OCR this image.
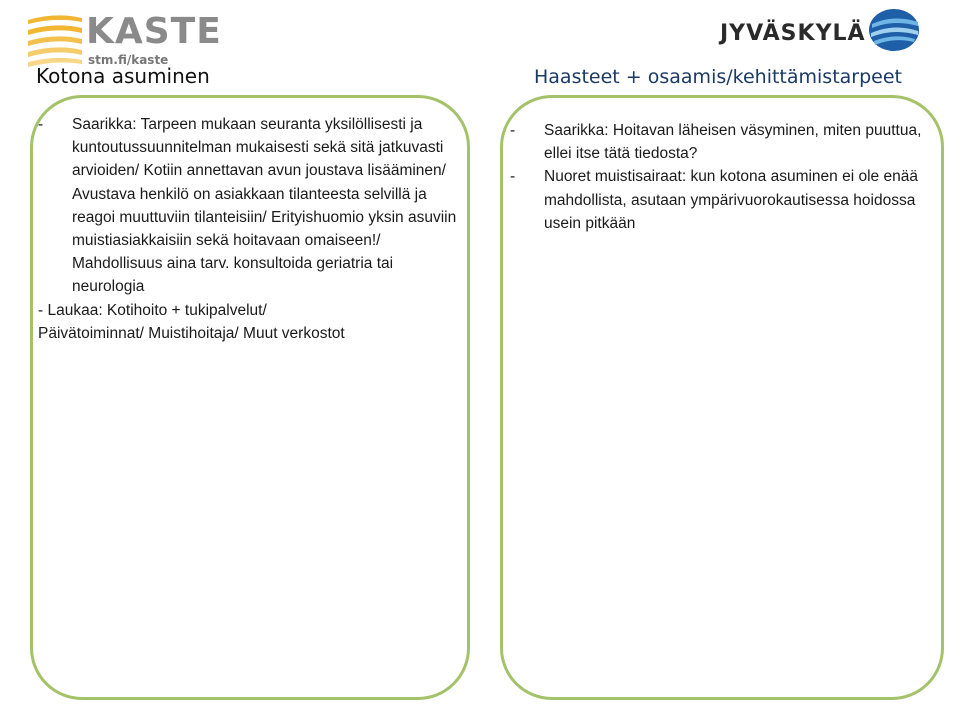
KASTE
stm.fi/kaste
JYVÄSKYLÄ
Kotona asuminen	Haasteet + osaamis/kehittämistarpeet
-	Saarikka: Tarpeen mukaan seuranta yksilöllisesti ja kuntoutussuunnitelman mukaisesti sekä sitä jatkuvasti arvioiden/ Kotiin annettavan avun joustava lisääminen/ Avustava henkilö on asiakkaan tilanteesta selvillä ja reagoi muuttuviin tilanteisiin/ Erityishuomio yksin asuviin muistiasiakkaisiin sekä hoitavaan omaiseen!/ Mahdollisuus aina tarv. konsultoida geriatria tai neurologia

- Laukaa: Kotihoito + tukipalvelut/

Päivätoiminnat/ Muistihoitaja/ Muut verkostot

-	Saarikka: Hoitavan läheisen väsyminen, miten puuttua, ellei itse tätä tiedosta?
-	Nuoret muistisairaat: kun kotona asuminen ei ole enää mahdollista, asutaan ympärivuorokautisessa hoidossa usein pitkään
